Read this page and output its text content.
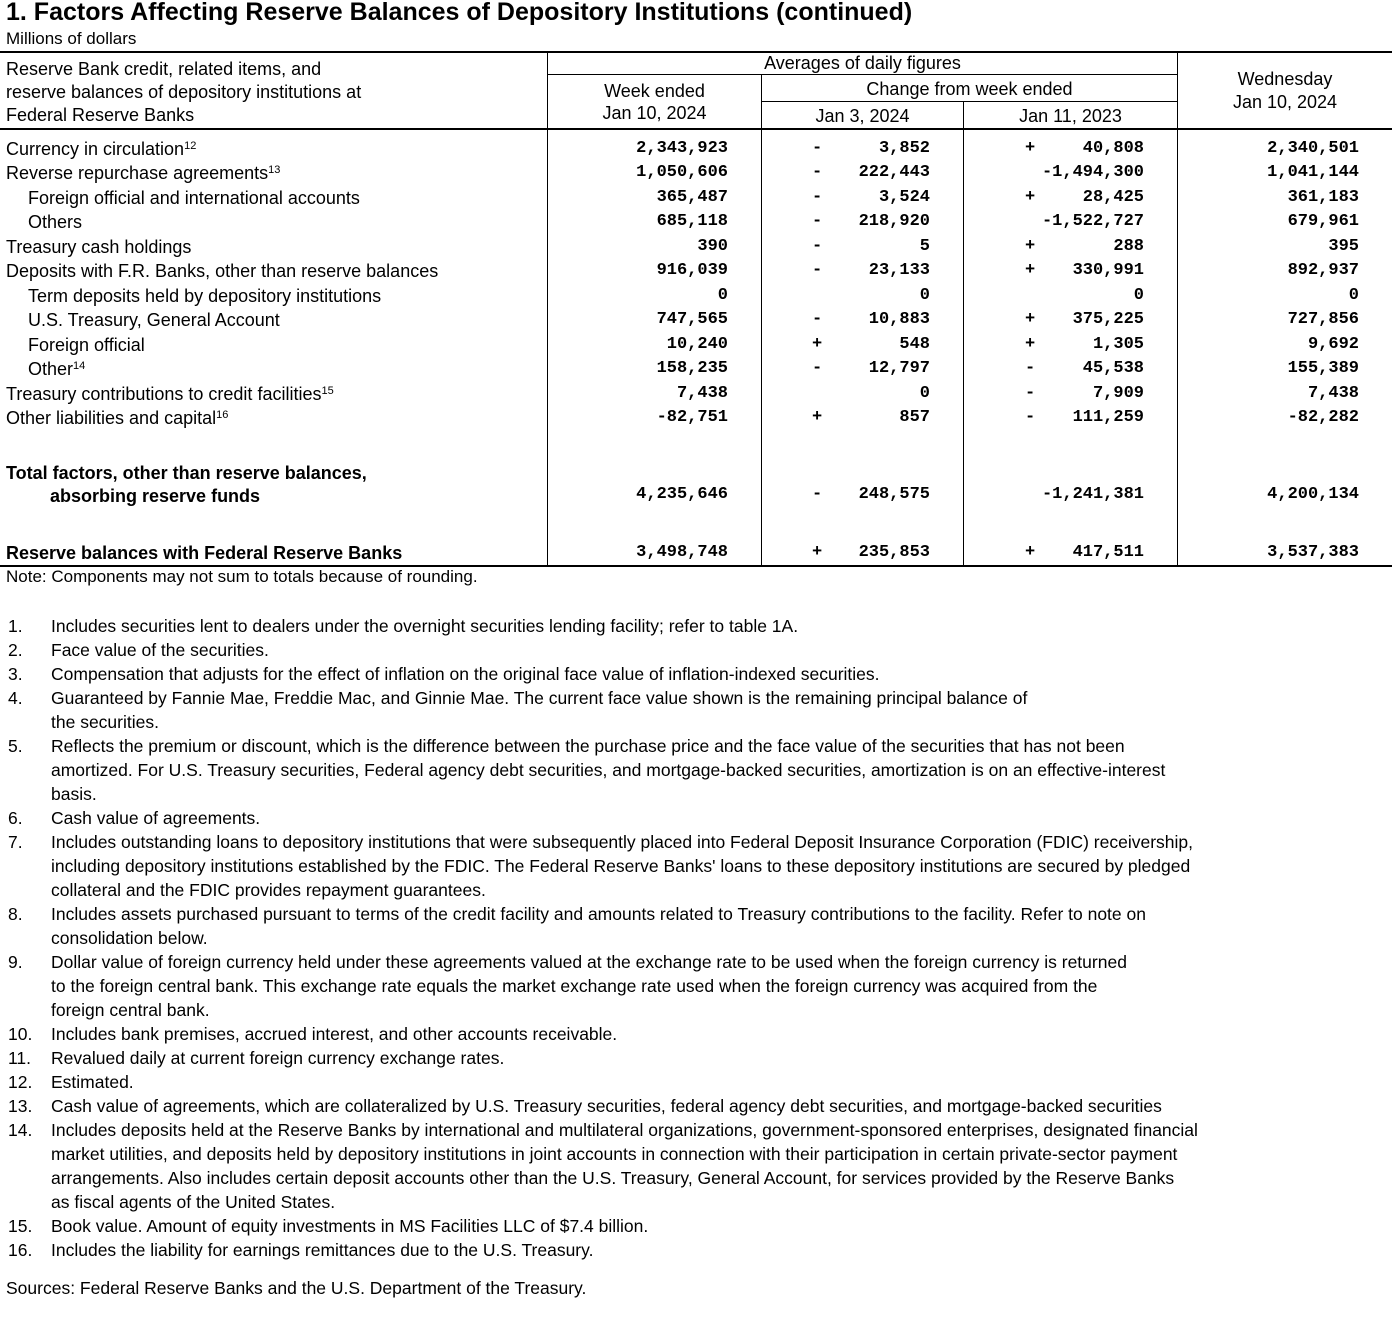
1. Factors Affecting Reserve Balances of Depository Institutions (continued)
Millions of dollars
Reserve Bank credit, related items, and
reserve balances of depository institutions at
Federal Reserve Banks
Averages of daily figures
Week ended
Jan 10, 2024
Change from week ended
Jan 3, 2024	Jan 11, 2023
Wednesday
Jan 10, 2024
Currency in circulation$^{12}$	2,343,923	-	3,852	+	40,808	2,340,501
Reverse repurchase agreements$^{13}$	1,050,606	-	222,443	-1,494,300	1,041,144
Foreign official and international accounts	365,487	-	3,524	+	28,425	361,183
Others	685,118	-	218,920	-1,522,727	679,961
Treasury cash holdings	390	-	5	+	288	395
Deposits with F.R. Banks, other than reserve balances	916,039	-	23,133	+	330,991	892,937
Term deposits held by depository institutions	0	0	0	0
U.S. Treasury, General Account	747,565	-	10,883	+	375,225	727,856
Foreign official	10,240	+	548	+	1,305	9,692
Other$^{14}$	158,235	-	12,797	-	45,538	155,389
Treasury contributions to credit facilities$^{15}$	7,438	0	-	7,909	7,438
Other liabilities and capital$^{16}$	-82,751	+	857	-	111,259	-82,282
Total factors, other than reserve balances,
absorbing reserve funds	4,235,646	-	248,575	-1,241,381	4,200,134
Reserve balances with Federal Reserve Banks	3,498,748	+	235,853	+	417,511	3,537,383
Note: Components may not sum to totals because of rounding.
1. Includes securities lent to dealers under the overnight securities lending facility; refer to table 1A.
2. Face value of the securities.
3. Compensation that adjusts for the effect of inflation on the original face value of inflation-indexed securities.
4. Guaranteed by Fannie Mae, Freddie Mac, and Ginnie Mae. The current face value shown is the remaining principal balance of
the securities.
5. Reflects the premium or discount, which is the difference between the purchase price and the face value of the securities that has not been
amortized. For U.S. Treasury securities, Federal agency debt securities, and mortgage-backed securities, amortization is on an effective-interest
basis.
6. Cash value of agreements.
7. Includes outstanding loans to depository institutions that were subsequently placed into Federal Deposit Insurance Corporation (FDIC) receivership,
including depository institutions established by the FDIC. The Federal Reserve Banks' loans to these depository institutions are secured by pledged
collateral and the FDIC provides repayment guarantees.
8. Includes assets purchased pursuant to terms of the credit facility and amounts related to Treasury contributions to the facility. Refer to note on
consolidation below.
9. Dollar value of foreign currency held under these agreements valued at the exchange rate to be used when the foreign currency is returned
to the foreign central bank. This exchange rate equals the market exchange rate used when the foreign currency was acquired from the
foreign central bank.
10. Includes bank premises, accrued interest, and other accounts receivable.
11. Revalued daily at current foreign currency exchange rates.
12. Estimated.
13. Cash value of agreements, which are collateralized by U.S. Treasury securities, federal agency debt securities, and mortgage-backed securities
14. Includes deposits held at the Reserve Banks by international and multilateral organizations, government-sponsored enterprises, designated financial
market utilities, and deposits held by depository institutions in joint accounts in connection with their participation in certain private-sector payment
arrangements. Also includes certain deposit accounts other than the U.S. Treasury, General Account, for services provided by the Reserve Banks
as fiscal agents of the United States.
15. Book value. Amount of equity investments in MS Facilities LLC of $7.4 billion.
16. Includes the liability for earnings remittances due to the U.S. Treasury.
Sources: Federal Reserve Banks and the U.S. Department of the Treasury.
